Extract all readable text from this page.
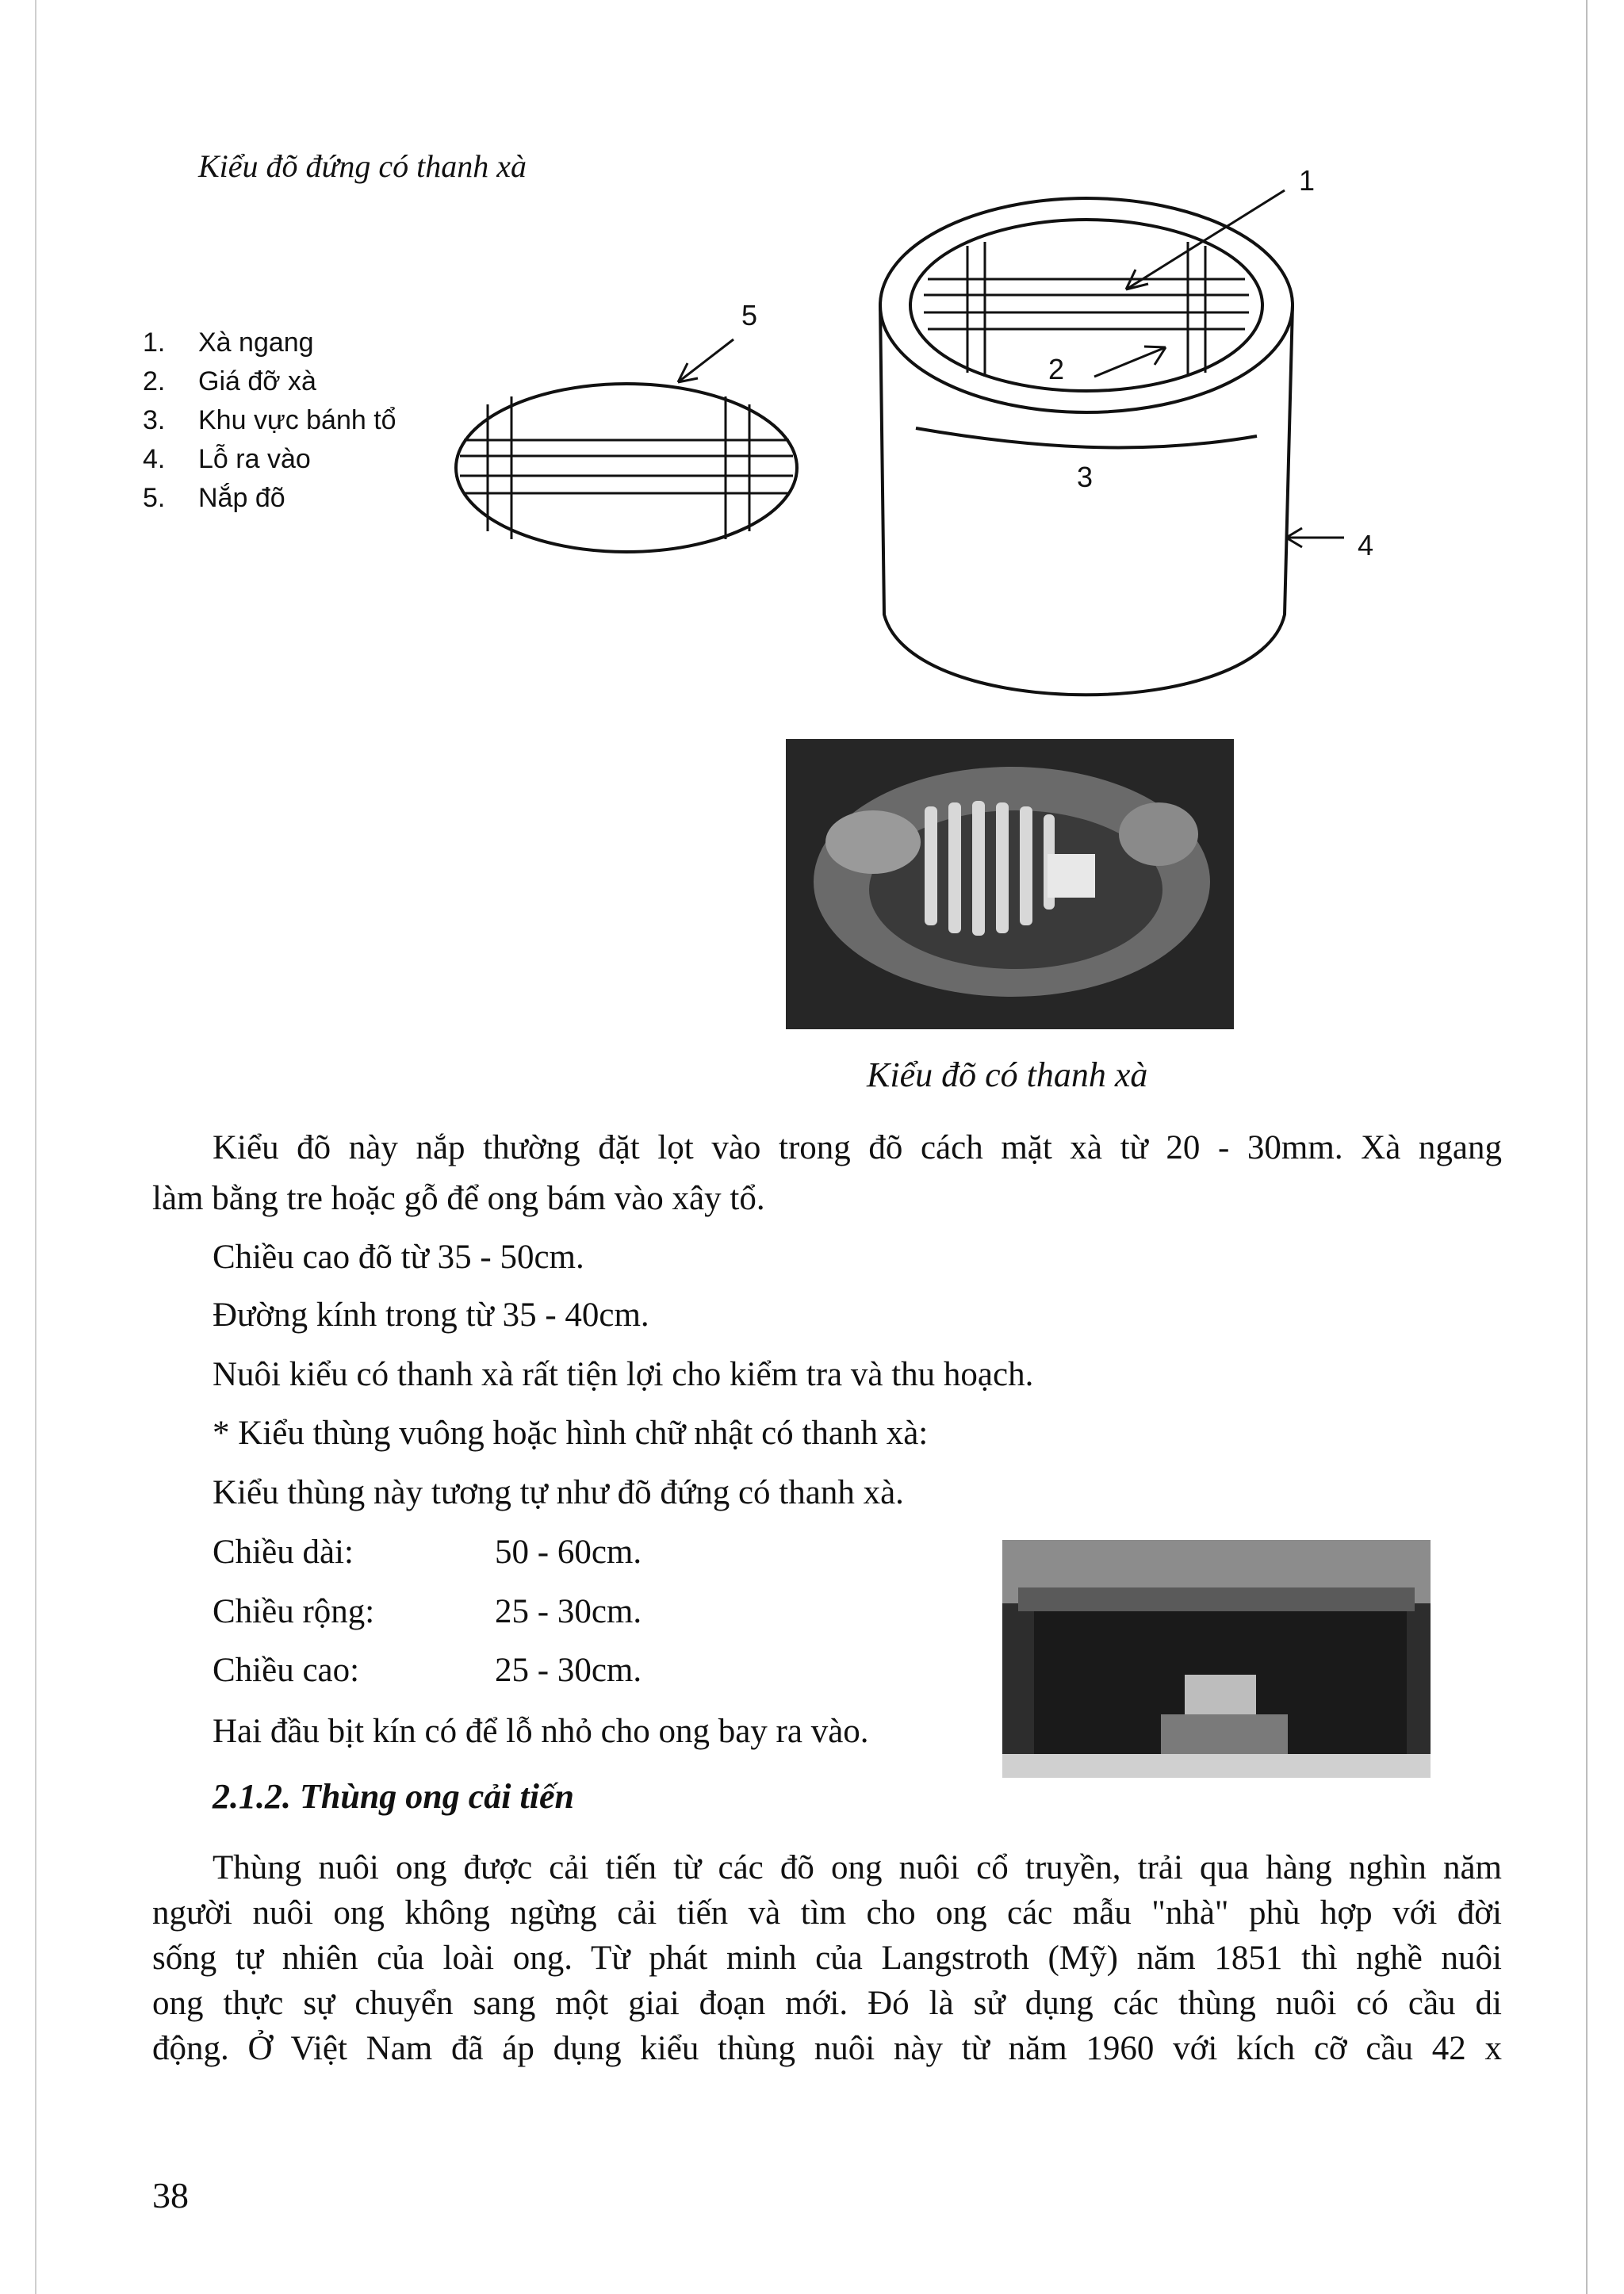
Kiểu đõ đứng có thanh xà
1.	Xà ngang
2.	Giá đỡ xà
3.	Khu vực bánh tổ
4.	Lỗ ra vào
5.	Nắp đõ
1
2
3
4
5
Kiểu đõ có thanh xà

Kiểu đõ này nắp thường đặt lọt vào trong đõ cách mặt xà từ 20 - 30mm. Xà ngang

làm bằng tre hoặc gỗ để ong bám vào xây tổ.

Chiều cao đõ từ 35 - 50cm.

Đường kính trong từ 35 - 40cm.

Nuôi kiểu có thanh xà rất tiện lợi cho kiểm tra và thu hoạch.

* Kiểu thùng vuông hoặc hình chữ nhật có thanh xà:

Kiểu thùng này tương tự như đõ đứng có thanh xà.

Chiều dài:	50 - 60cm.
Chiều rộng:	25 - 30cm.
Chiều cao:	25 - 30cm.

Hai đầu bịt kín có để lỗ nhỏ cho ong bay ra vào.

2.1.2. Thùng ong cải tiến

Thùng nuôi ong được cải tiến từ các đõ ong nuôi cổ truyền, trải qua hàng nghìn năm

người nuôi ong không ngừng cải tiến và tìm cho ong các mẫu "nhà" phù hợp với đời

sống tự nhiên của loài ong. Từ phát minh của Langstroth (Mỹ) năm 1851 thì nghề nuôi

ong thực sự chuyển sang một giai đoạn mới. Đó là sử dụng các thùng nuôi có cầu di

động. Ở Việt Nam đã áp dụng kiểu thùng nuôi này từ năm 1960 với kích cỡ cầu 42 x

38
